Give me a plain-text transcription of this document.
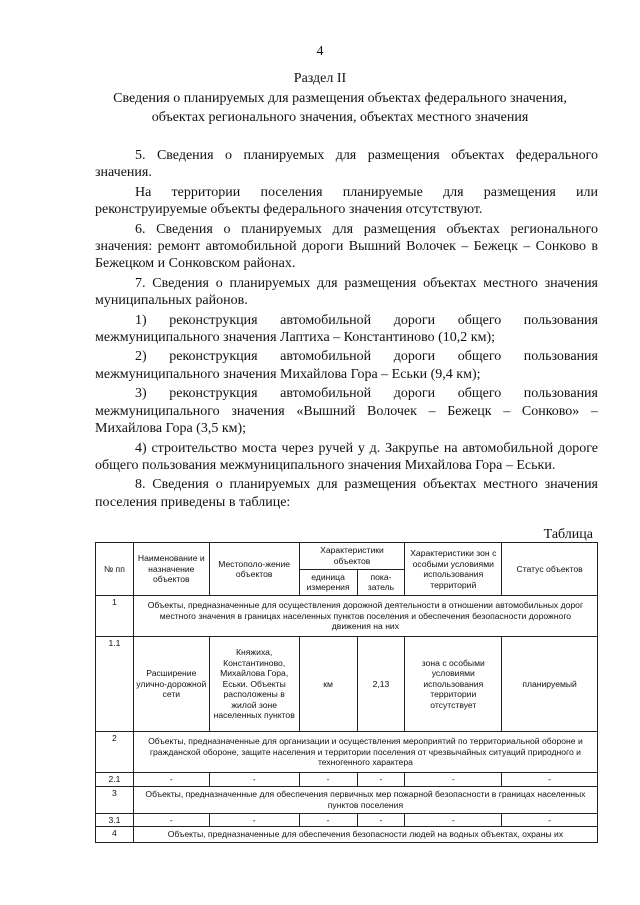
4
Раздел II
Сведения о планируемых для размещения объектах федерального значения, объектах регионального значения, объектах местного значения

5. Сведения о планируемых для размещения объектах федерального значения.

На территории поселения планируемые для размещения или реконструируемые объекты федерального значения отсутствуют.

6. Сведения о планируемых для размещения объектах регионального значения: ремонт автомобильной дороги Вышний Волочек – Бежецк – Сонково в Бежецком и Сонковском районах.

7. Сведения о планируемых для размещения объектах местного значения муниципальных районов.

1) реконструкция автомобильной дороги общего пользования межмуниципального значения Лаптиха – Константиново (10,2 км);

2) реконструкция автомобильной дороги общего пользования межмуниципального значения Михайлова Гора – Еськи (9,4 км);

3) реконструкция автомобильной дороги общего пользования межмуниципального значения «Вышний Волочек – Бежецк – Сонково» – Михайлова Гора (3,5 км);

4) строительство моста через ручей у д. Закрупье на автомобильной дороге общего пользования межмуниципального значения Михайлова Гора – Еськи.

8. Сведения о планируемых для размещения объектах местного значения поселения приведены в таблице:

Таблица
№ пп	Наименование и назначение объектов	Местополо-жение объектов	Характеристики объектов		Характеристики зон с особыми условиями использования территорий	Статус объектов
			единица измерения	пока-затель		
1	Объекты, предназначенные для осуществления дорожной деятельности в отношении автомобильных дорог местного значения в границах населенных пунктов поселения и обеспечения безопасности дорожного движения на них					
1.1	Расширение улично-дорожной сети	Княжиха, Константиново, Михайлова Гора, Еськи. Объекты расположены в жилой зоне населенных пунктов	км	2,13	зона с особыми условиями использования территории отсутствует	планируемый
2	Объекты, предназначенные для организации и осуществления мероприятий по территориальной обороне и гражданской обороне, защите населения и территории поселения от чрезвычайных ситуаций природного и техногенного характера					
2.1	-	-	-	-	-	-
3	Объекты, предназначенные для обеспечения первичных мер пожарной безопасности в границах населенных пунктов поселения					
3.1	-	-	-	-	-	-
4	Объекты, предназначенные для обеспечения безопасности людей на водных объектах, охраны их					
